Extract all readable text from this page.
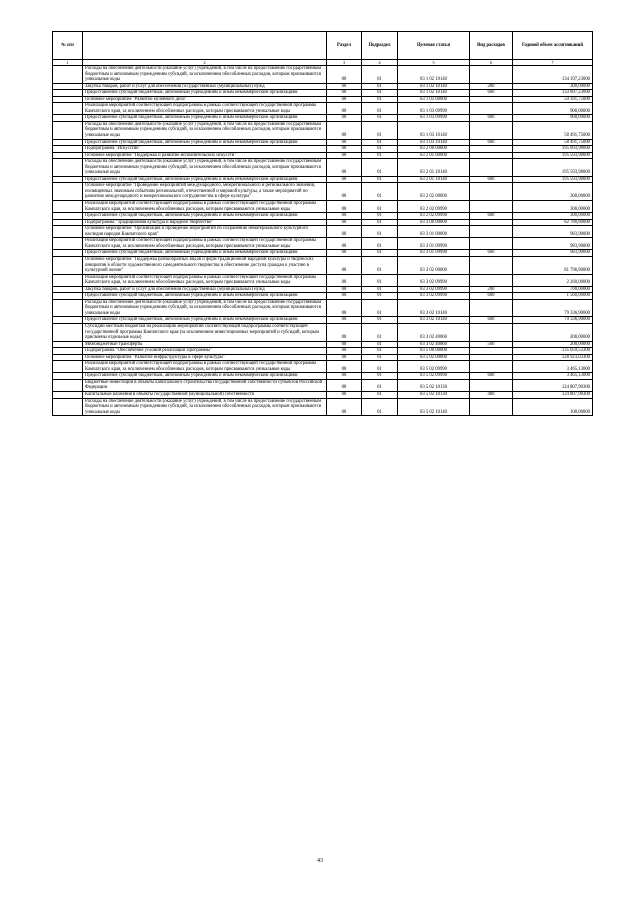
№ п/п		Раздел	Подраздел	Целевая статья	Вид расходов	Годовой объем ассигнований
1	2	3	4	5	6	7
	Расходы на обеспечение деятельности (оказание услуг) учреждений, в том числе на предоставление государственным бюджетным и автономным учреждениям субсидий, за исключением обособленных расходов, которым присваиваются уникальные коды	08	01	03 1 02 10140		134 197,23000
	Закупка товаров, работ и услуг для обеспечения государственных (муниципальных) нужд	08	01	03 1 02 10140	200	300,00000
	Предоставление субсидий бюджетным, автономным учреждениям и иным некоммерческим организациям	08	01	03 1 02 10140	600	133 897,23000
	Основное мероприятие "Развитие музейного дела"	08	01	03 1 03 00000		59 391,75000
	Реализация мероприятий соответствующей подпрограммы в рамках соответствующей государственной программы Камчатского края, за исключением обособленных расходов, которым присваиваются уникальные коды	08	01	03 1 03 09990		900,00000
	Предоставление субсидий бюджетным, автономным учреждениям и иным некоммерческим организациям	08	01	03 1 03 09990	600	900,00000
	Расходы на обеспечение деятельности (оказание услуг) учреждений, в том числе на предоставление государственным бюджетным и автономным учреждениям субсидий, за исключением обособленных расходов, которым присваиваются уникальные коды	08	01	03 1 03 10140		58 491,75000
	Предоставление субсидий бюджетным, автономным учреждениям и иным некоммерческим организациям	08	01	03 1 03 10140	600	58 491,75000
	Подпрограмма "Искусство"	08	01	03 2 00 00000		195 893,98000
	Основное мероприятие "Поддержка и развитие исполнительских искусств"	08	01	03 2 01 00000		195 593,98000
	Расходы на обеспечение деятельности (оказание услуг) учреждений, в том числе на предоставление государственным бюджетным и автономным учреждениям субсидий, за исключением обособленных расходов, которым присваиваются уникальные коды	08	01	03 2 01 10140		195 593,98000
	Предоставление субсидий бюджетным, автономным учреждениям и иным некоммерческим организациям	08	01	03 2 01 10140	600	195 593,98000
	Основное мероприятие "Проведение мероприятий международного, межрегионального и регионального значения, посвященных значимым событиям региональной, отечественной и мировой культуры, а также мероприятий по развитию международного и межрегионального сотрудничества в сфере культуры"	08	01	03 2 02 00000		300,00000
	Реализация мероприятий соответствующей подпрограммы в рамках соответствующей государственной программы Камчатского края, за исключением обособленных расходов, которым присваиваются уникальные коды	08	01	03 2 02 09990		300,00000
	Предоставление субсидий бюджетным, автономным учреждениям и иным некоммерческим организациям	08	01	03 2 02 09990	600	300,00000
	Подпрограмма "Традиционная культура и народное творчество"	08	01	03 3 00 00000		82 780,80000
	Основное мероприятие "Организация и проведение мероприятий по сохранению нематериального культурного наследия народов Камчатского края"	08	01	03 3 01 00000		983,90000
	Реализация мероприятий соответствующей подпрограммы в рамках соответствующей государственной программы Камчатского края, за исключением обособленных расходов, которым присваиваются уникальные коды	08	01	03 3 01 09990		983,90000
	Предоставление субсидий бюджетным, автономным учреждениям и иным некоммерческим организациям	08	01	03 3 01 09990	600	983,90000
	Основное мероприятие "Поддержка разнообразных видов и форм традиционной народной культуры и творческих инициатив в области художественного самодеятельного творчества и обеспечение доступа граждан к участию в культурной жизни"	08	01	03 3 02 00000		81 796,90000
	Реализация мероприятий соответствующей подпрограммы в рамках соответствующей государственной программы Камчатского края, за исключением обособленных расходов, которым присваиваются уникальные коды	08	01	03 3 02 09990		2 260,00000
	Закупка товаров, работ и услуг для обеспечения государственных (муниципальных) нужд	08	01	03 3 02 09990	200	700,00000
	Предоставление субсидий бюджетным, автономным учреждениям и иным некоммерческим организациям	08	01	03 3 02 09990	600	1 560,00000
	Расходы на обеспечение деятельности (оказание услуг) учреждений, в том числе на предоставление государственным бюджетным и автономным учреждениям субсидий, за исключением обособленных расходов, которым присваиваются уникальные коды	08	01	03 3 02 10140		79 336,90000
	Предоставление субсидий бюджетным, автономным учреждениям и иным некоммерческим организациям	08	01	03 3 02 10140	600	79 336,90000
	Субсидии местным бюджетам на реализацию мероприятий соответствующей подпрограммы соответствующей государственной программы Камчатского края (за исключением инвестиционных мероприятий и субсидий, которым присвоены отдельные коды)	08	01	03 3 02 40060		200,00000
	Межбюджетные трансферты	08	01	03 3 02 40060	500	200,00000
	Подпрограмма "Обеспечение условий реализации Программы"	08	01	03 5 00 00000		135 059,53300
	Основное мероприятие "Развитие инфраструктуры в сфере культуры"	08	01	03 5 02 00000		128 923,03300
	Реализация мероприятий соответствующей подпрограммы в рамках соответствующей государственной программы Камчатского края, за исключением обособленных расходов, которым присваиваются уникальные коды	08	01	03 5 02 09990		3 465,13000
	Предоставление субсидий бюджетным, автономным учреждениям и иным некоммерческим организациям	08	01	03 5 02 09990	600	3 465,13000
	Бюджетные инвестиции в объекты капитального строительства государственной собственности субъектов Российской Федерации	08	01	03 5 02 10130		124 807,90300
	Капитальные вложения в объекты государственной (муниципальной) собственности	08	01	03 5 02 10130	400	124 807,90300
	Расходы на обеспечение деятельности (оказание услуг) учреждений, в том числе на предоставление государственным бюджетным и автономным учреждениям субсидий, за исключением обособленных расходов, которым присваиваются уникальные коды	08	01	03 5 02 10140		100,00000
43
